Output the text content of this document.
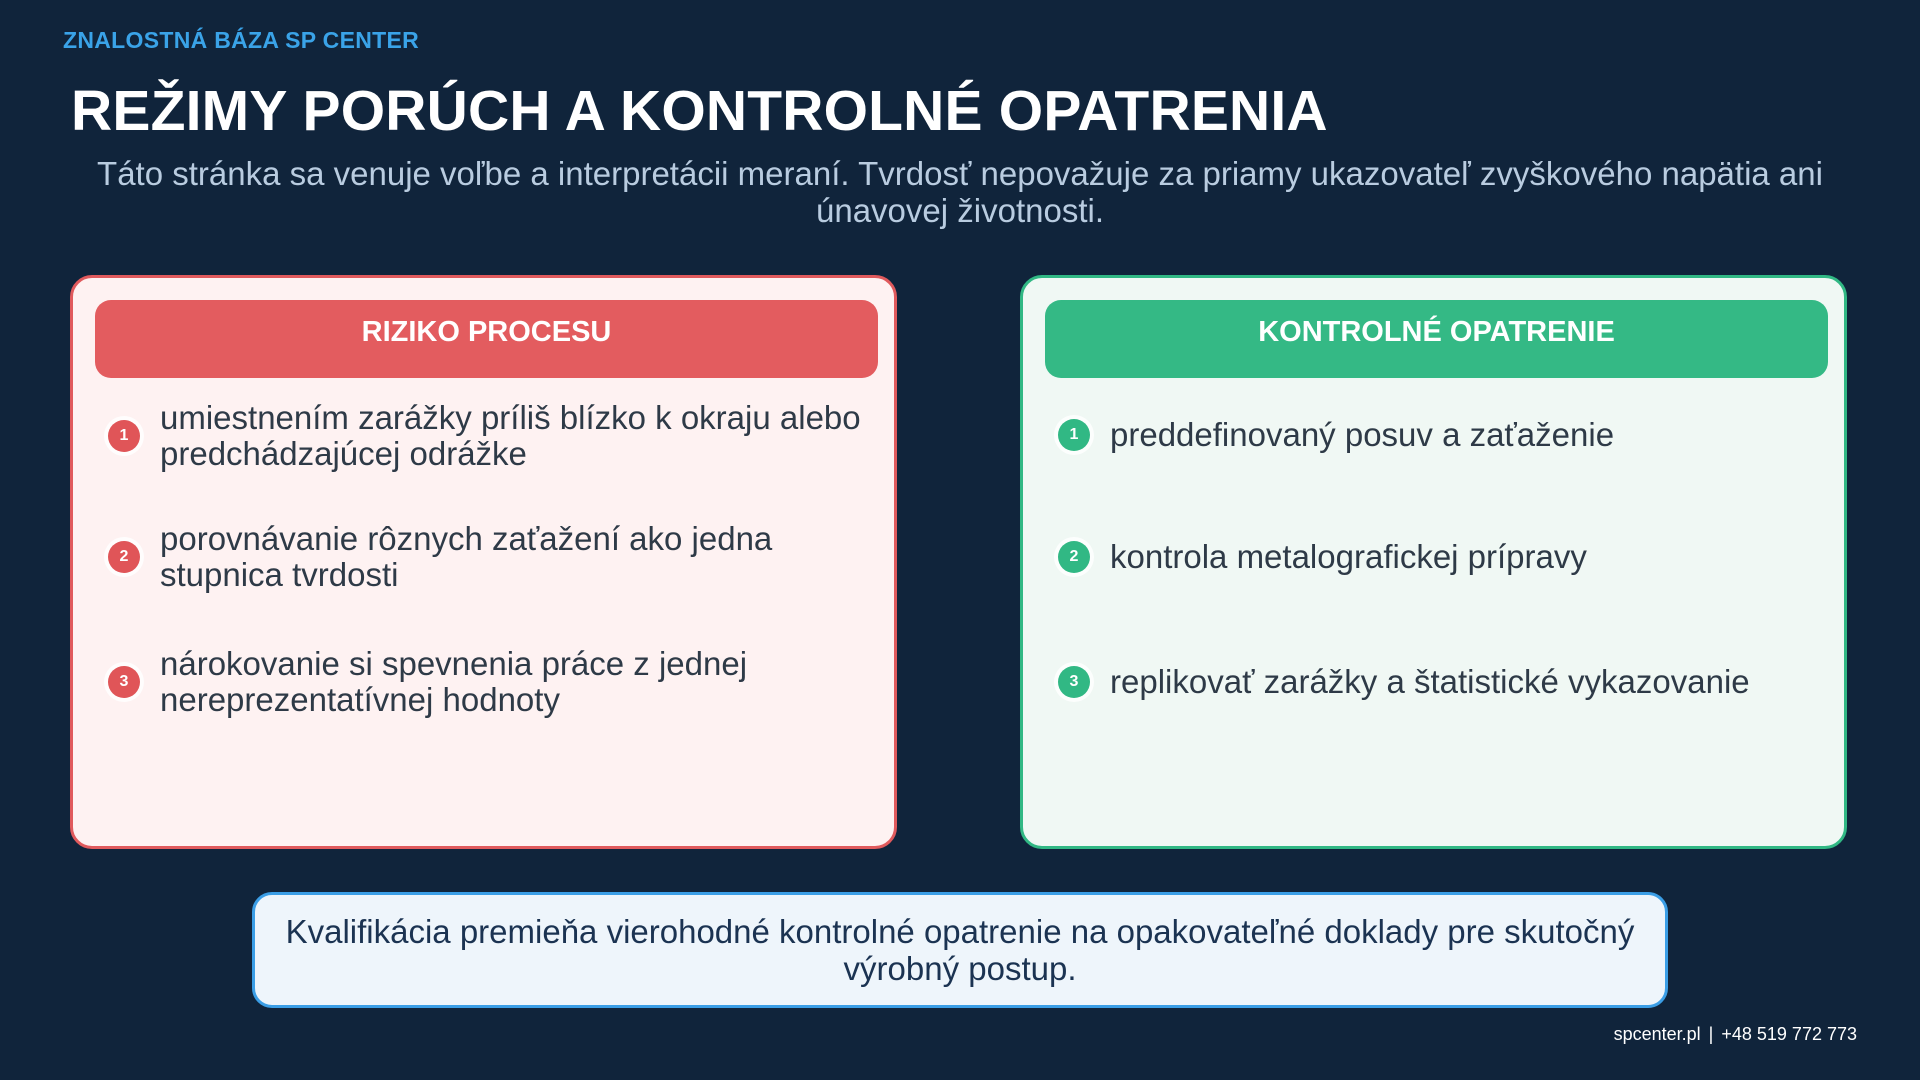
ZNALOSTNÁ BÁZA SP CENTER
REŽIMY PORÚCH A KONTROLNÉ OPATRENIA
Táto stránka sa venuje voľbe a interpretácii meraní. Tvrdosť nepovažuje za priamy ukazovateľ zvyškového napätia ani únavovej životnosti.
RIZIKO PROCESU
1 umiestnením zarážky príliš blízko k okraju alebo predchádzajúcej odrážke
2 porovnávanie rôznych zaťažení ako jedna stupnica tvrdosti
3 nárokovanie si spevnenia práce z jednej nereprezentatívnej hodnoty
KONTROLNÉ OPATRENIE
1 preddefinovaný posuv a zaťaženie
2 kontrola metalografickej prípravy
3 replikovať zarážky a štatistické vykazovanie
Kvalifikácia premieňa vierohodné kontrolné opatrenie na opakovateľné doklady pre skutočný výrobný postup.
spcenter.pl | +48 519 772 773
